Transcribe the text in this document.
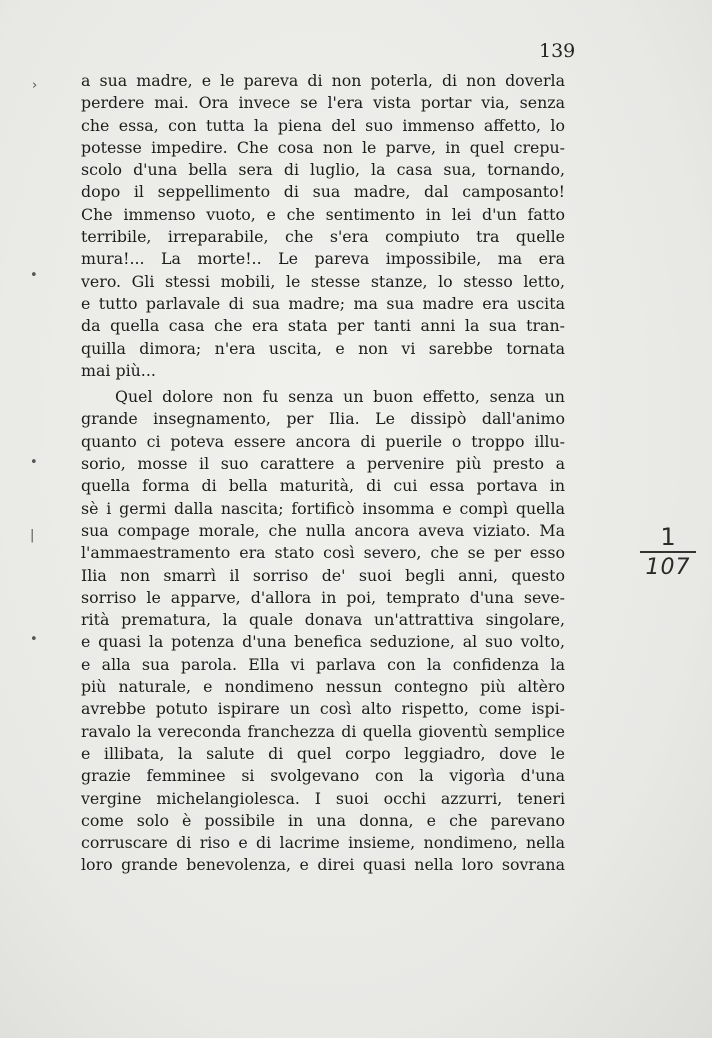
139
a sua madre, e le pareva di non poterla, di non doverla
perdere mai. Ora invece se l'era vista portar via, senza
che essa, con tutta la piena del suo immenso affetto, lo
potesse impedire. Che cosa non le parve, in quel crepu-
scolo d'una bella sera di luglio, la casa sua, tornando,
dopo il seppellimento di sua madre, dal camposanto!
Che immenso vuoto, e che sentimento in lei d'un fatto
terribile, irreparabile, che s'era compiuto tra quelle
mura!... La morte!.. Le pareva impossibile, ma era
vero. Gli stessi mobili, le stesse stanze, lo stesso letto,
e tutto parlavale di sua madre; ma sua madre era uscita
da quella casa che era stata per tanti anni la sua tran-
quilla dimora; n'era uscita, e non vi sarebbe tornata
mai più...
Quel dolore non fu senza un buon effetto, senza un
grande insegnamento, per Ilia. Le dissipò dall'animo
quanto ci poteva essere ancora di puerile o troppo illu-
sorio, mosse il suo carattere a pervenire più presto a
quella forma di bella maturità, di cui essa portava in
sè i germi dalla nascita; fortificò insomma e compì quella
sua compage morale, che nulla ancora aveva viziato. Ma
l'ammaestramento era stato così severo, che se per esso
Ilia non smarrì il sorriso de' suoi begli anni, questo
sorriso le apparve, d'allora in poi, temprato d'una seve-
rità prematura, la quale donava un'attrattiva singolare,
e quasi la potenza d'una benefica seduzione, al suo volto,
e alla sua parola. Ella vi parlava con la confidenza la
più naturale, e nondimeno nessun contegno più altèro
avrebbe potuto ispirare un così alto rispetto, come ispi-
ravalo la vereconda franchezza di quella gioventù semplice
e illibata, la salute di quel corpo leggiadro, dove le
grazie femminee si svolgevano con la vigorìa d'una
vergine michelangiolesca. I suoi occhi azzurri, teneri
come solo è possibile in una donna, e che parevano
corruscare di riso e di lacrime insieme, nondimeno, nella
loro grande benevolenza, e direi quasi nella loro sovrana
1
107
›
•
•
|
•
